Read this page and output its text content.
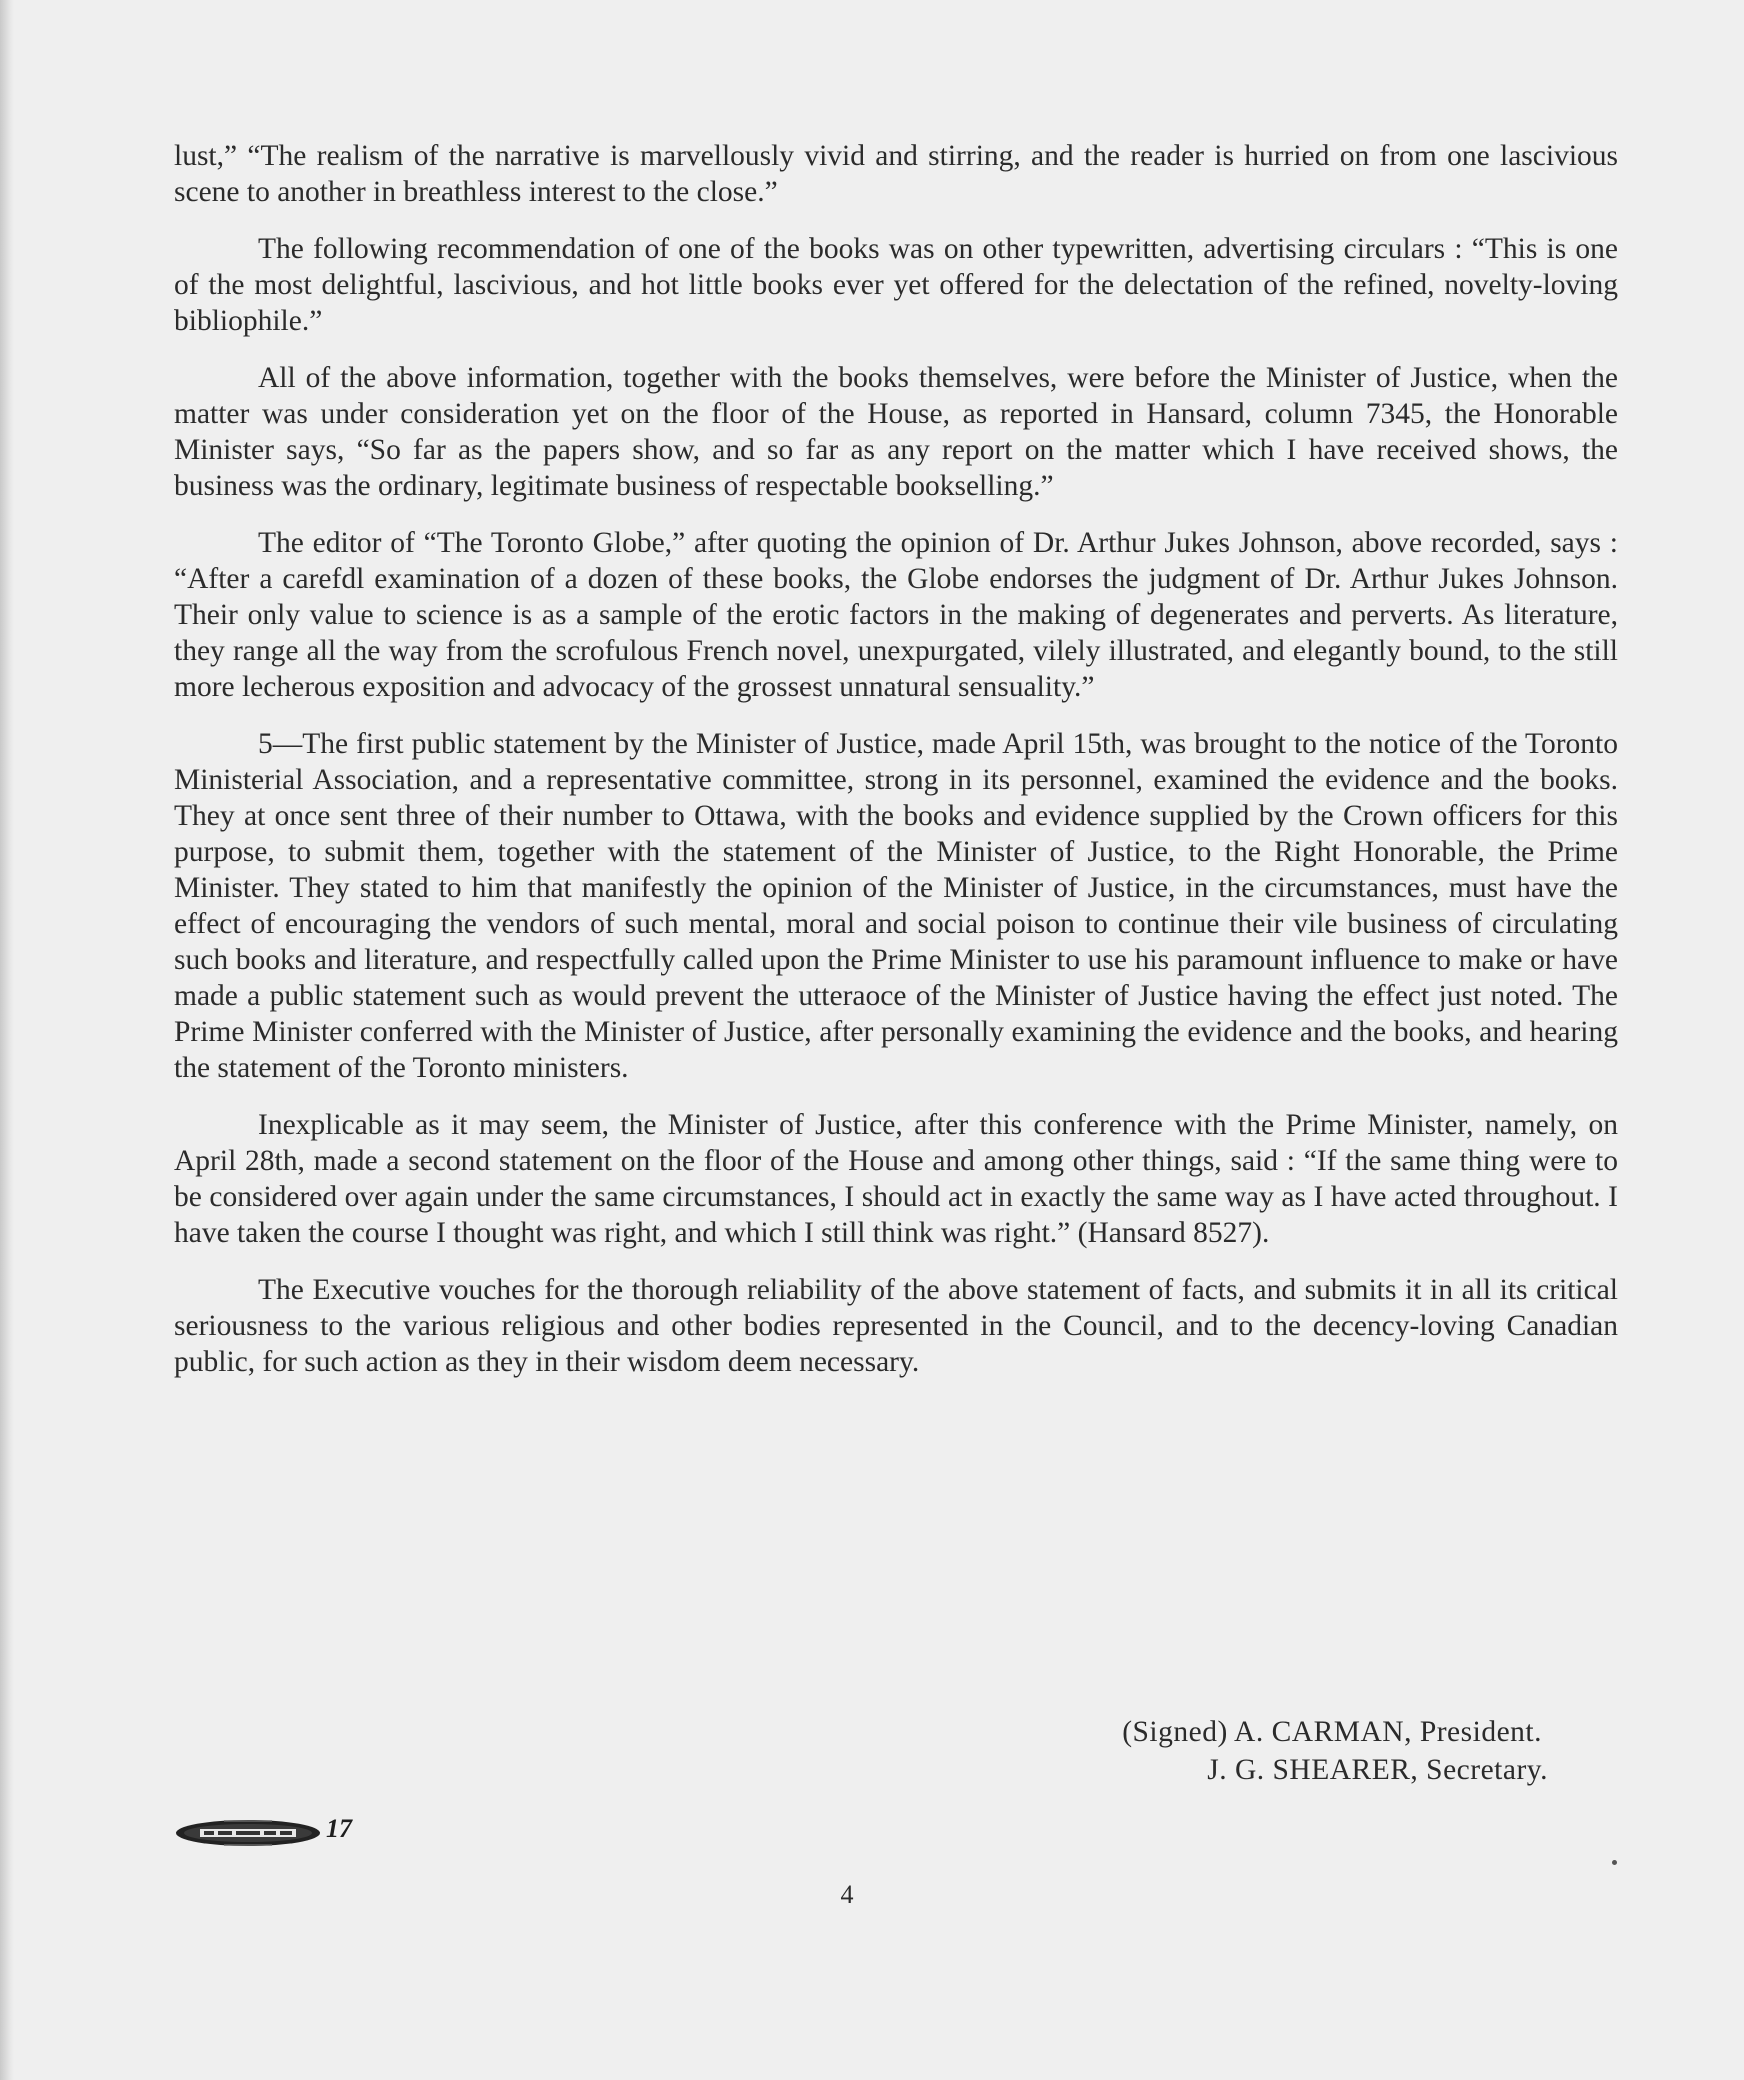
lust,” “The realism of the narrative is marvellously vivid and stirring, and the reader is hurried on from one lascivious scene to another in breathless interest to the close.”

The following recommendation of one of the books was on other typewritten, advertising circulars : “This is one of the most delightful, lascivious, and hot little books ever yet offered for the delectation of the refined, novelty-loving bibliophile.”

All of the above information, together with the books themselves, were before the Minister of Justice, when the matter was under consideration yet on the floor of the House, as reported in Hansard, column 7345, the Honorable Minister says, “So far as the papers show, and so far as any report on the matter which I have received shows, the business was the ordinary, legitimate business of respectable bookselling.”

The editor of “The Toronto Globe,” after quoting the opinion of Dr. Arthur Jukes Johnson, above recorded, says : “After a carefdl examination of a dozen of these books, the Globe endorses the judgment of Dr. Arthur Jukes Johnson. Their only value to science is as a sample of the erotic factors in the making of degenerates and perverts. As literature, they range all the way from the scrofulous French novel, unexpurgated, vilely illustrated, and elegantly bound, to the still more lecherous exposition and advocacy of the grossest unnatural sensuality.”

5—The first public statement by the Minister of Justice, made April 15th, was brought to the notice of the Toronto Ministerial Association, and a representative committee, strong in its personnel, examined the evidence and the books. They at once sent three of their number to Ottawa, with the books and evidence supplied by the Crown officers for this purpose, to submit them, together with the statement of the Minister of Justice, to the Right Honorable, the Prime Minister. They stated to him that manifestly the opinion of the Minister of Justice, in the circumstances, must have the effect of encouraging the vendors of such mental, moral and social poison to continue their vile business of circulating such books and literature, and respectfully called upon the Prime Minister to use his paramount influence to make or have made a public statement such as would prevent the utteraoce of the Minister of Justice having the effect just noted. The Prime Minister conferred with the Minister of Justice, after personally examining the evidence and the books, and hearing the statement of the Toronto ministers.

Inexplicable as it may seem, the Minister of Justice, after this conference with the Prime Minister, namely, on April 28th, made a second statement on the floor of the House and among other things, said : “If the same thing were to be considered over again under the same circumstances, I should act in exactly the same way as I have acted throughout. I have taken the course I thought was right, and which I still think was right.” (Hansard 8527).

The Executive vouches for the thorough reliability of the above statement of facts, and submits it in all its critical seriousness to the various religious and other bodies represented in the Council, and to the decency-loving Canadian public, for such action as they in their wisdom deem necessary.

(Signed) A. CARMAN, President.
J. G. SHEARER, Secretary.
17
4
